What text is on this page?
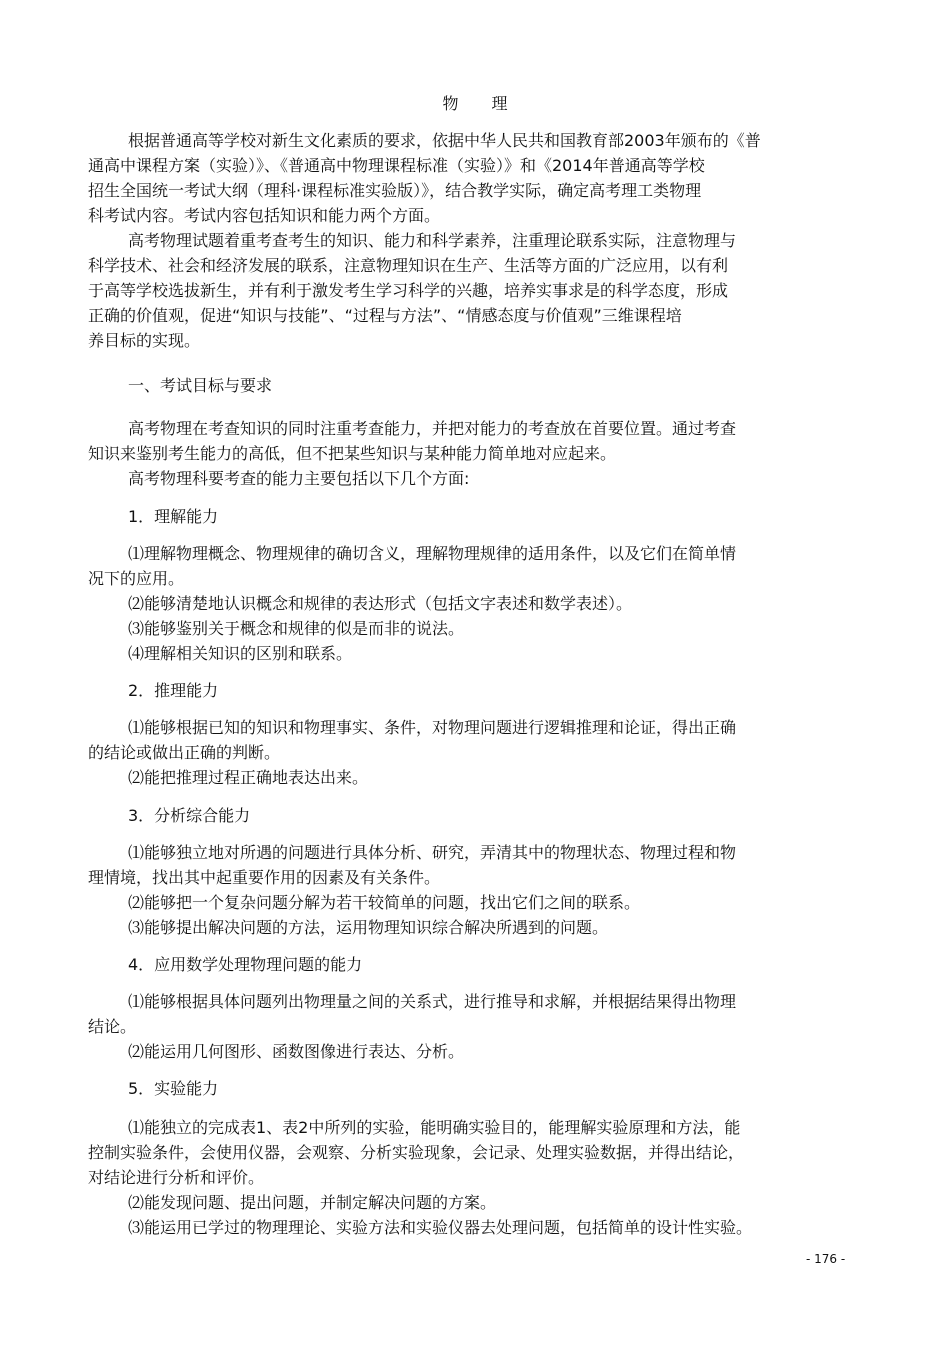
物 理
根据普通高等学校对新生文化素质的要求，依据中华人民共和国教育部2003年颁布的《普
通高中课程方案（实验）》、《普通高中物理课程标准（实验）》和《2014年普通高等学校
招生全国统一考试大纲（理科·课程标准实验版）》，结合教学实际，确定高考理工类物理
科考试内容。考试内容包括知识和能力两个方面。
高考物理试题着重考查考生的知识、能力和科学素养，注重理论联系实际，注意物理与
科学技术、社会和经济发展的联系，注意物理知识在生产、生活等方面的广泛应用，以有利
于高等学校选拔新生，并有利于激发考生学习科学的兴趣，培养实事求是的科学态度，形成
正确的价值观，促进“知识与技能”、“过程与方法”、“情感态度与价值观”三维课程培
养目标的实现。
一、考试目标与要求
高考物理在考查知识的同时注重考查能力，并把对能力的考查放在首要位置。通过考查
知识来鉴别考生能力的高低，但不把某些知识与某种能力简单地对应起来。
高考物理科要考查的能力主要包括以下几个方面:
1．理解能力
⑴理解物理概念、物理规律的确切含义，理解物理规律的适用条件，以及它们在简单情
况下的应用。
⑵能够清楚地认识概念和规律的表达形式（包括文字表述和数学表述）。
⑶能够鉴别关于概念和规律的似是而非的说法。
⑷理解相关知识的区别和联系。
2．推理能力
⑴能够根据已知的知识和物理事实、条件，对物理问题进行逻辑推理和论证，得出正确
的结论或做出正确的判断。
⑵能把推理过程正确地表达出来。
3．分析综合能力
⑴能够独立地对所遇的问题进行具体分析、研究，弄清其中的物理状态、物理过程和物
理情境，找出其中起重要作用的因素及有关条件。
⑵能够把一个复杂问题分解为若干较简单的问题，找出它们之间的联系。
⑶能够提出解决问题的方法，运用物理知识综合解决所遇到的问题。
4．应用数学处理物理问题的能力
⑴能够根据具体问题列出物理量之间的关系式，进行推导和求解，并根据结果得出物理
结论。
⑵能运用几何图形、函数图像进行表达、分析。
5．实验能力
⑴能独立的完成表1、表2中所列的实验，能明确实验目的，能理解实验原理和方法，能
控制实验条件，会使用仪器，会观察、分析实验现象，会记录、处理实验数据，并得出结论，
对结论进行分析和评价。
⑵能发现问题、提出问题，并制定解决问题的方案。
⑶能运用已学过的物理理论、实验方法和实验仪器去处理问题，包括简单的设计性实验。
- 176 -
